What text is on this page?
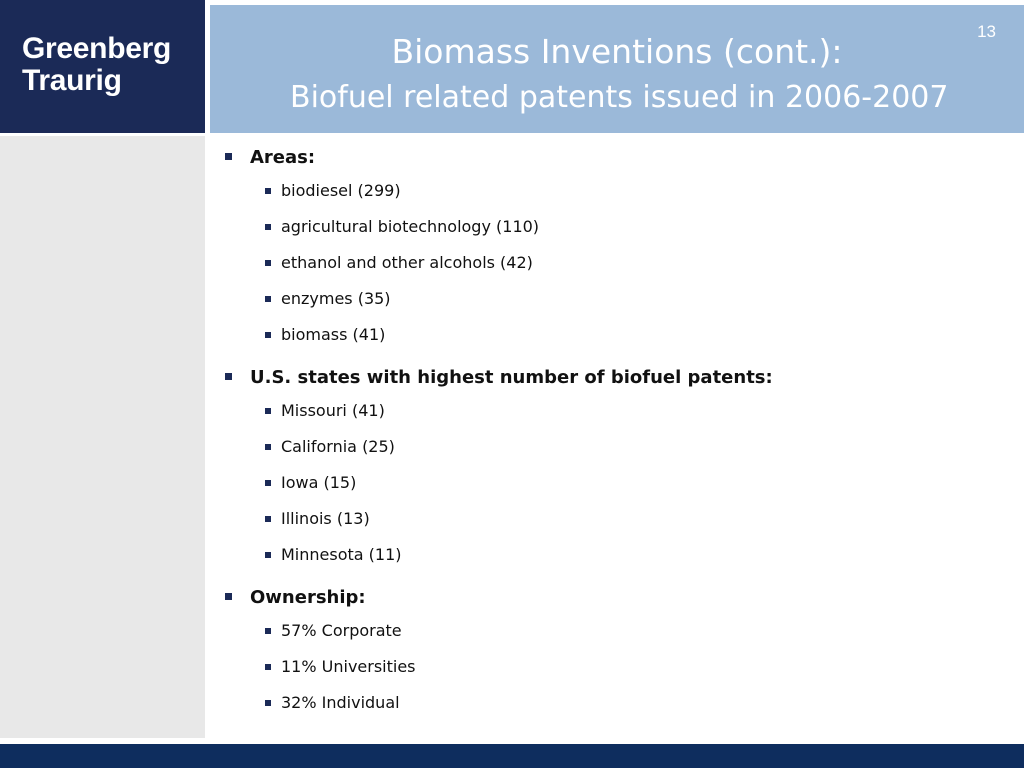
Greenberg
Traurig
13
Biomass Inventions (cont.):
Biofuel related patents issued in 2006-2007
Areas:
biodiesel (299)
agricultural biotechnology (110)
ethanol and other alcohols (42)
enzymes (35)
biomass (41)
U.S. states with highest number of biofuel patents:
Missouri (41)
California (25)
Iowa (15)
Illinois (13)
Minnesota (11)
Ownership:
57% Corporate
11% Universities
32% Individual
